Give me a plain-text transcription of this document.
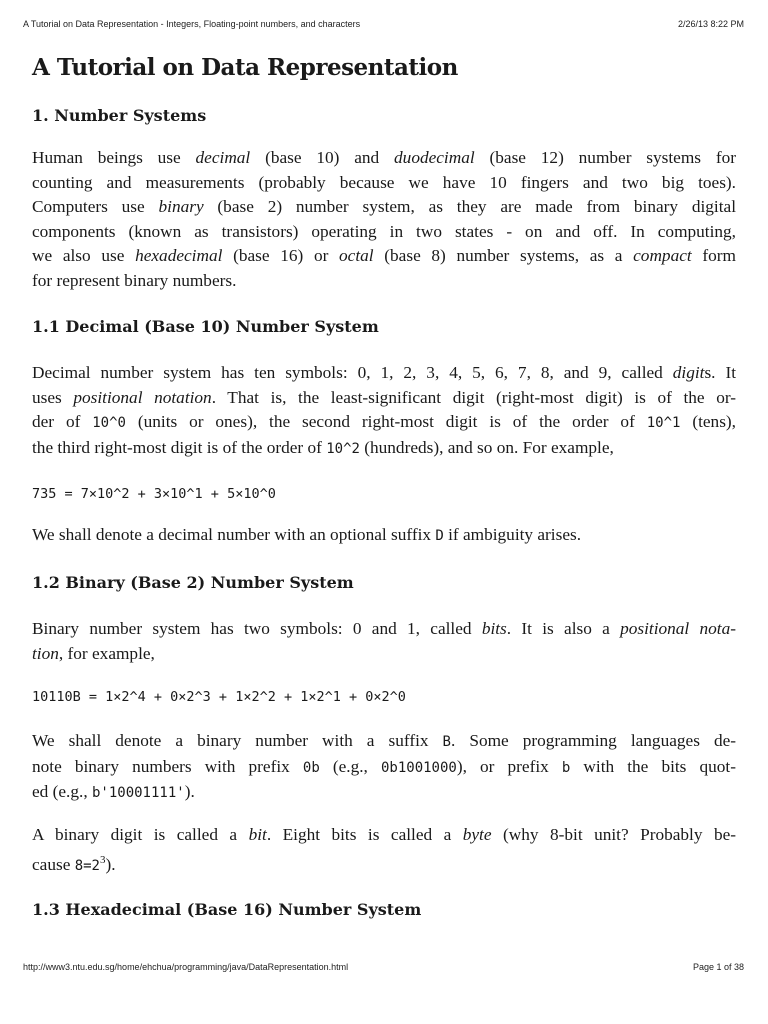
A Tutorial on Data Representation - Integers, Floating-point numbers, and characters	2/26/13 8:22 PM
A Tutorial on Data Representation
1. Number Systems
Human beings use decimal (base 10) and duodecimal (base 12) number systems for
counting and measurements (probably because we have 10 fingers and two big toes).
Computers use binary (base 2) number system, as they are made from binary digital
components (known as transistors) operating in two states - on and off. In computing,
we also use hexadecimal (base 16) or octal (base 8) number systems, as a compact form
for represent binary numbers.
1.1 Decimal (Base 10) Number System
Decimal number system has ten symbols: 0, 1, 2, 3, 4, 5, 6, 7, 8, and 9, called digits. It
uses positional notation. That is, the least-significant digit (right-most digit) is of the or-
der of 10^0 (units or ones), the second right-most digit is of the order of 10^1 (tens),
the third right-most digit is of the order of 10^2 (hundreds), and so on. For example,
735 = 7×10^2 + 3×10^1 + 5×10^0
We shall denote a decimal number with an optional suffix D if ambiguity arises.
1.2 Binary (Base 2) Number System
Binary number system has two symbols: 0 and 1, called bits. It is also a positional nota-
tion, for example,
10110B = 1×2^4 + 0×2^3 + 1×2^2 + 1×2^1 + 0×2^0
We shall denote a binary number with a suffix B. Some programming languages de-
note binary numbers with prefix 0b (e.g., 0b1001000), or prefix b with the bits quot-
ed (e.g., b'10001111').
A binary digit is called a bit. Eight bits is called a byte (why 8-bit unit? Probably be-
cause $8=2^3$).
1.3 Hexadecimal (Base 16) Number System
http://www3.ntu.edu.sg/home/ehchua/programming/java/DataRepresentation.html	Page 1 of 38
